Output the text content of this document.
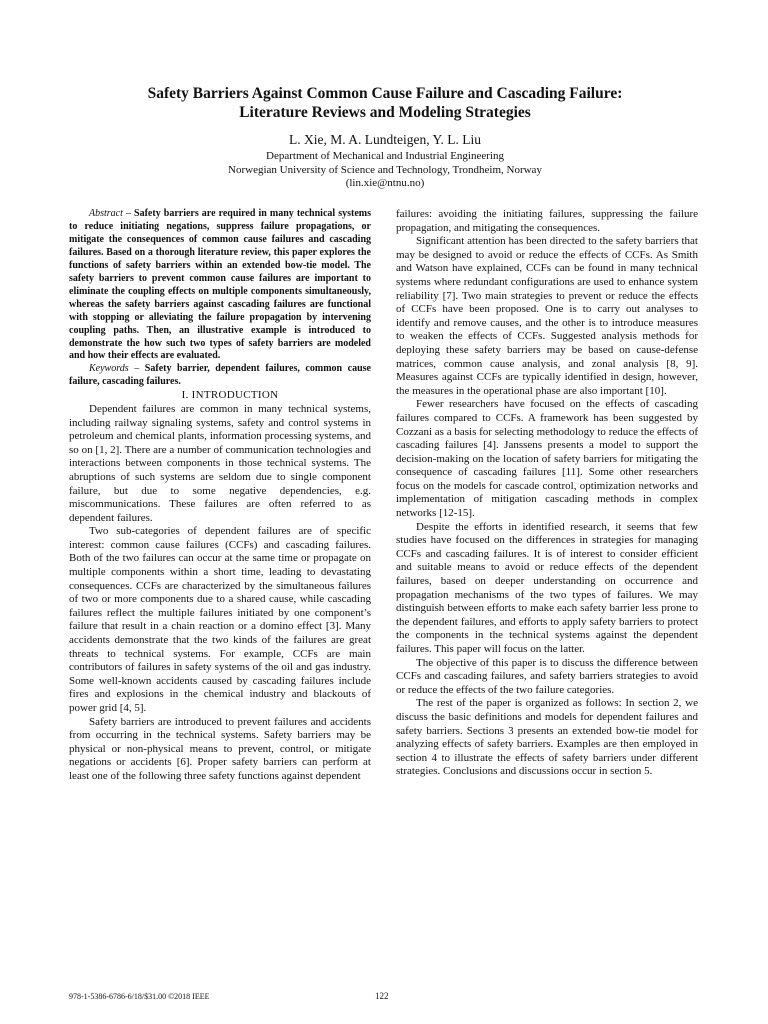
Safety Barriers Against Common Cause Failure and Cascading Failure:
Literature Reviews and Modeling Strategies
L. Xie, M. A. Lundteigen, Y. L. Liu
Department of Mechanical and Industrial Engineering
Norwegian University of Science and Technology, Trondheim, Norway
(lin.xie@ntnu.no)

Abstract – Safety barriers are required in many technical systems to reduce initiating negations, suppress failure propagations, or mitigate the consequences of common cause failures and cascading failures. Based on a thorough literature review, this paper explores the functions of safety barriers within an extended bow-tie model. The safety barriers to prevent common cause failures are important to eliminate the coupling effects on multiple components simultaneously, whereas the safety barriers against cascading failures are functional with stopping or alleviating the failure propagation by intervening coupling paths. Then, an illustrative example is introduced to demonstrate the how such two types of safety barriers are modeled and how their effects are evaluated.

Keywords – Safety barrier, dependent failures, common cause failure, cascading failures.

I. INTRODUCTION

Dependent failures are common in many technical systems, including railway signaling systems, safety and control systems in petroleum and chemical plants, information processing systems, and so on [1, 2]. There are a number of communication technologies and interactions between components in those technical systems. The abruptions of such systems are seldom due to single component failure, but due to some negative dependencies, e.g. miscommunications. These failures are often referred to as dependent failures.

Two sub-categories of dependent failures are of specific interest: common cause failures (CCFs) and cascading failures. Both of the two failures can occur at the same time or propagate on multiple components within a short time, leading to devastating consequences. CCFs are characterized by the simultaneous failures of two or more components due to a shared cause, while cascading failures reflect the multiple failures initiated by one component’s failure that result in a chain reaction or a domino effect [3]. Many accidents demonstrate that the two kinds of the failures are great threats to technical systems. For example, CCFs are main contributors of failures in safety systems of the oil and gas industry. Some well-known accidents caused by cascading failures include fires and explosions in the chemical industry and blackouts of power grid [4, 5].

Safety barriers are introduced to prevent failures and accidents from occurring in the technical systems. Safety barriers may be physical or non-physical means to prevent, control, or mitigate negations or accidents [6]. Proper safety barriers can perform at least one of the following three safety functions against dependent

failures: avoiding the initiating failures, suppressing the failure propagation, and mitigating the consequences.

Significant attention has been directed to the safety barriers that may be designed to avoid or reduce the effects of CCFs. As Smith and Watson have explained, CCFs can be found in many technical systems where redundant configurations are used to enhance system reliability [7]. Two main strategies to prevent or reduce the effects of CCFs have been proposed. One is to carry out analyses to identify and remove causes, and the other is to introduce measures to weaken the effects of CCFs. Suggested analysis methods for deploying these safety barriers may be based on cause-defense matrices, common cause analysis, and zonal analysis [8, 9]. Measures against CCFs are typically identified in design, however, the measures in the operational phase are also important [10].

Fewer researchers have focused on the effects of cascading failures compared to CCFs. A framework has been suggested by Cozzani as a basis for selecting methodology to reduce the effects of cascading failures [4]. Janssens presents a model to support the decision-making on the location of safety barriers for mitigating the consequence of cascading failures [11]. Some other researchers focus on the models for cascade control, optimization networks and implementation of mitigation cascading methods in complex networks [12-15].

Despite the efforts in identified research, it seems that few studies have focused on the differences in strategies for managing CCFs and cascading failures. It is of interest to consider efficient and suitable means to avoid or reduce effects of the dependent failures, based on deeper understanding on occurrence and propagation mechanisms of the two types of failures. We may distinguish between efforts to make each safety barrier less prone to the dependent failures, and efforts to apply safety barriers to protect the components in the technical systems against the dependent failures. This paper will focus on the latter.

The objective of this paper is to discuss the difference between CCFs and cascading failures, and safety barriers strategies to avoid or reduce the effects of the two failure categories.

The rest of the paper is organized as follows: In section 2, we discuss the basic definitions and models for dependent failures and safety barriers. Sections 3 presents an extended bow-tie model for analyzing effects of safety barriers. Examples are then employed in section 4 to illustrate the effects of safety barriers under different strategies. Conclusions and discussions occur in section 5.

978-1-5386-6786-6/18/$31.00 ©2018 IEEE	122
